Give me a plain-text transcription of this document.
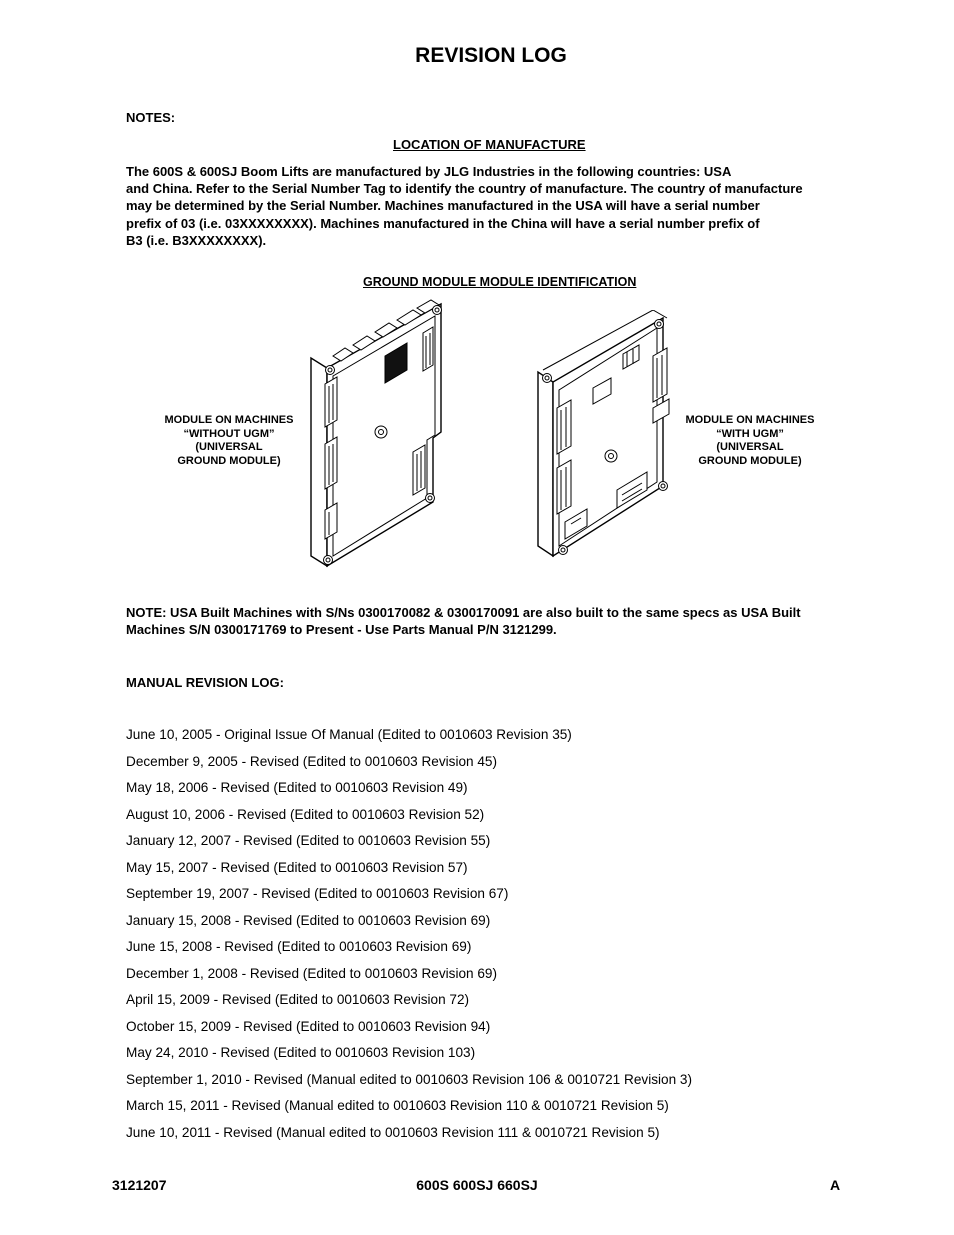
REVISION LOG
NOTES:
LOCATION OF MANUFACTURE
The 600S & 600SJ Boom Lifts are manufactured by JLG Industries in the following countries: USA
and China. Refer to the Serial Number Tag to identify the country of manufacture. The country of manufacture
may be determined by the Serial Number. Machines manufactured in the USA will have a serial number
prefix of 03 (i.e. 03XXXXXXXX). Machines manufactured in the China will have a serial number prefix of
B3 (i.e. B3XXXXXXXX).
GROUND MODULE MODULE IDENTIFICATION
MODULE ON MACHINES
“WITHOUT UGM”
(UNIVERSAL
GROUND MODULE)
MODULE ON MACHINES
“WITH UGM”
(UNIVERSAL
GROUND MODULE)
NOTE: USA Built Machines with S/Ns 0300170082 & 0300170091 are also built to the same specs as USA Built
Machines S/N 0300171769 to Present - Use Parts Manual P/N 3121299.
MANUAL REVISION LOG:
June 10, 2005 - Original Issue Of Manual (Edited to 0010603 Revision 35)
December 9, 2005 - Revised (Edited to 0010603 Revision 45)
May 18, 2006 - Revised (Edited to 0010603 Revision 49)
August 10, 2006 - Revised (Edited to 0010603 Revision 52)
January 12, 2007 - Revised (Edited to 0010603 Revision 55)
May 15, 2007 - Revised (Edited to 0010603 Revision 57)
September 19, 2007 - Revised (Edited to 0010603 Revision 67)
January 15, 2008 - Revised (Edited to 0010603 Revision 69)
June 15, 2008 - Revised (Edited to 0010603 Revision 69)
December 1, 2008 - Revised (Edited to 0010603 Revision 69)
April 15, 2009 - Revised (Edited to 0010603 Revision 72)
October 15, 2009 - Revised (Edited to 0010603 Revision 94)
May 24, 2010 - Revised (Edited to 0010603 Revision 103)
September 1, 2010 - Revised (Manual edited to 0010603 Revision 106 & 0010721 Revision 3)
March 15, 2011 - Revised (Manual edited to 0010603 Revision 110 & 0010721 Revision 5)
June 10, 2011 - Revised (Manual edited to 0010603 Revision 111 & 0010721 Revision 5)
3121207	600S 600SJ 660SJ	A
